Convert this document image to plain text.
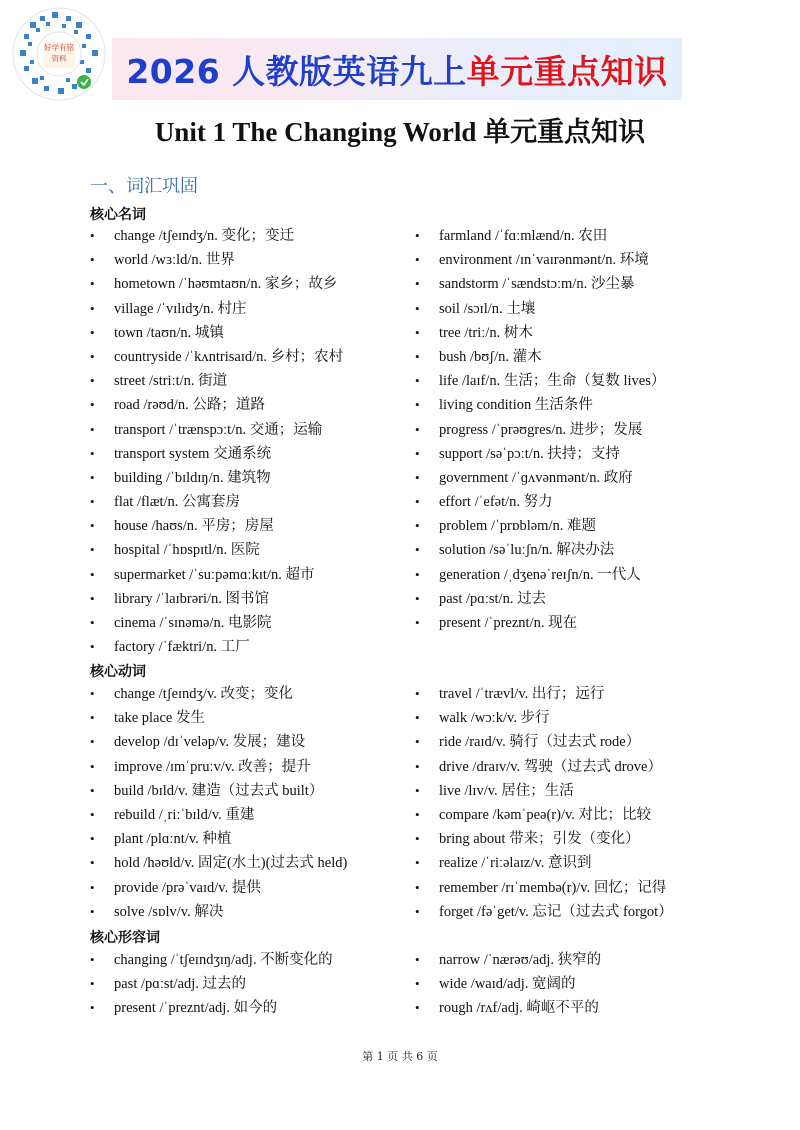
好学有铭
资料	2026 人教版英语九上单元重点知识
Unit 1 The Changing World 单元重点知识
一、词汇巩固
核心名词
• change /tʃeɪndʒ/n. 变化；变迁
• world /wɜːld/n. 世界
• hometown /ˈhəʊmtaʊn/n. 家乡；故乡
• village /ˈvɪlɪdʒ/n. 村庄
• town /taʊn/n. 城镇
• countryside /ˈkʌntrisaɪd/n. 乡村；农村
• street /striːt/n. 街道
• road /rəʊd/n. 公路；道路
• transport /ˈtrænspɔːt/n. 交通；运输
• transport system 交通系统
• building /ˈbɪldɪŋ/n. 建筑物
• flat /flæt/n. 公寓套房
• house /haʊs/n. 平房；房屋
• hospital /ˈhɒspɪtl/n. 医院
• supermarket /ˈsuːpəmɑːkɪt/n. 超市
• library /ˈlaɪbrəri/n. 图书馆
• cinema /ˈsɪnəmə/n. 电影院
• factory /ˈfæktri/n. 工厂
• farmland /ˈfɑːmlænd/n. 农田
• environment /ɪnˈvaɪrənmənt/n. 环境
• sandstorm /ˈsændstɔːm/n. 沙尘暴
• soil /sɔɪl/n. 土壤
• tree /triː/n. 树木
• bush /bʊʃ/n. 灌木
• life /laɪf/n. 生活；生命（复数 lives）
• living condition 生活条件
• progress /ˈprəʊgres/n. 进步；发展
• support /səˈpɔːt/n. 扶持；支持
• government /ˈɡʌvənmənt/n. 政府
• effort /ˈefət/n. 努力
• problem /ˈprɒbləm/n. 难题
• solution /səˈluːʃn/n. 解决办法
• generation /ˌdʒenəˈreɪʃn/n. 一代人
• past /pɑːst/n. 过去
• present /ˈpreznt/n. 现在
核心动词
• change /tʃeɪndʒ/v. 改变；变化
• take place 发生
• develop /dɪˈveləp/v. 发展；建设
• improve /ɪmˈpruːv/v. 改善；提升
• build /bɪld/v. 建造（过去式 built）
• rebuild /ˌriːˈbɪld/v. 重建
• plant /plɑːnt/v. 种植
• hold /həʊld/v. 固定(水土)(过去式 held)
• provide /prəˈvaɪd/v. 提供
• solve /sɒlv/v. 解决
• travel /ˈtrævl/v. 出行；远行
• walk /wɔːk/v. 步行
• ride /raɪd/v. 骑行（过去式 rode）
• drive /draɪv/v. 驾驶（过去式 drove）
• live /lɪv/v. 居住；生活
• compare /kəmˈpeə(r)/v. 对比；比较
• bring about 带来；引发（变化）
• realize /ˈriːəlaɪz/v. 意识到
• remember /rɪˈmembə(r)/v. 回忆；记得
• forget /fəˈget/v. 忘记（过去式 forgot）
核心形容词
• changing /ˈtʃeɪndʒɪŋ/adj. 不断变化的
• past /pɑːst/adj. 过去的
• present /ˈpreznt/adj. 如今的
• narrow /ˈnærəʊ/adj. 狭窄的
• wide /waɪd/adj. 宽阔的
• rough /rʌf/adj. 崎岖不平的
第 1 页 共 6 页
